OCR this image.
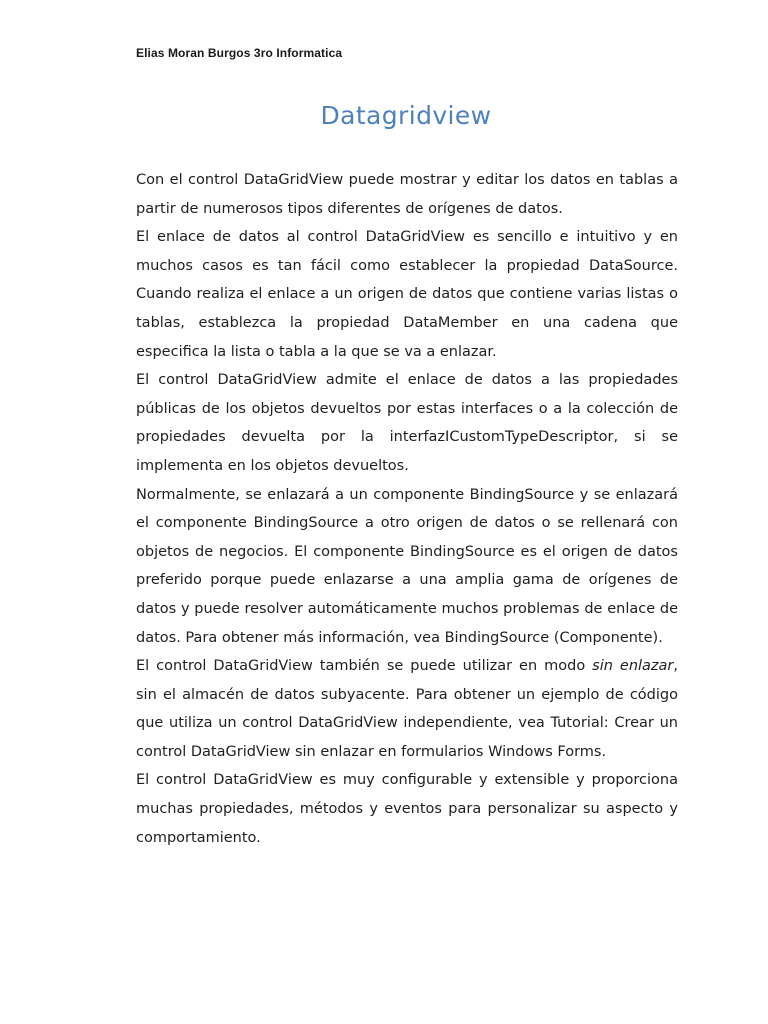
Elias Moran Burgos 3ro Informatica
Datagridview

Con el control DataGridView puede mostrar y editar los datos en tablas a partir de numerosos tipos diferentes de orígenes de datos.

El enlace de datos al control DataGridView es sencillo e intuitivo y en muchos casos es tan fácil como establecer la propiedad DataSource. Cuando realiza el enlace a un origen de datos que contiene varias listas o tablas, establezca la propiedad DataMember en una cadena que especifica la lista o tabla a la que se va a enlazar.

El control DataGridView admite el enlace de datos a las propiedades públicas de los objetos devueltos por estas interfaces o a la colección de propiedades devuelta por la interfazICustomTypeDescriptor, si se implementa en los objetos devueltos.

Normalmente, se enlazará a un componente BindingSource y se enlazará el componente BindingSource a otro origen de datos o se rellenará con objetos de negocios. El componente BindingSource es el origen de datos preferido porque puede enlazarse a una amplia gama de orígenes de datos y puede resolver automáticamente muchos problemas de enlace de datos. Para obtener más información, vea BindingSource (Componente).

El control DataGridView también se puede utilizar en modo sin enlazar, sin el almacén de datos subyacente. Para obtener un ejemplo de código que utiliza un control DataGridView independiente, vea Tutorial: Crear un control DataGridView sin enlazar en formularios Windows Forms.

El control DataGridView es muy configurable y extensible y proporciona muchas propiedades, métodos y eventos para personalizar su aspecto y comportamiento.
